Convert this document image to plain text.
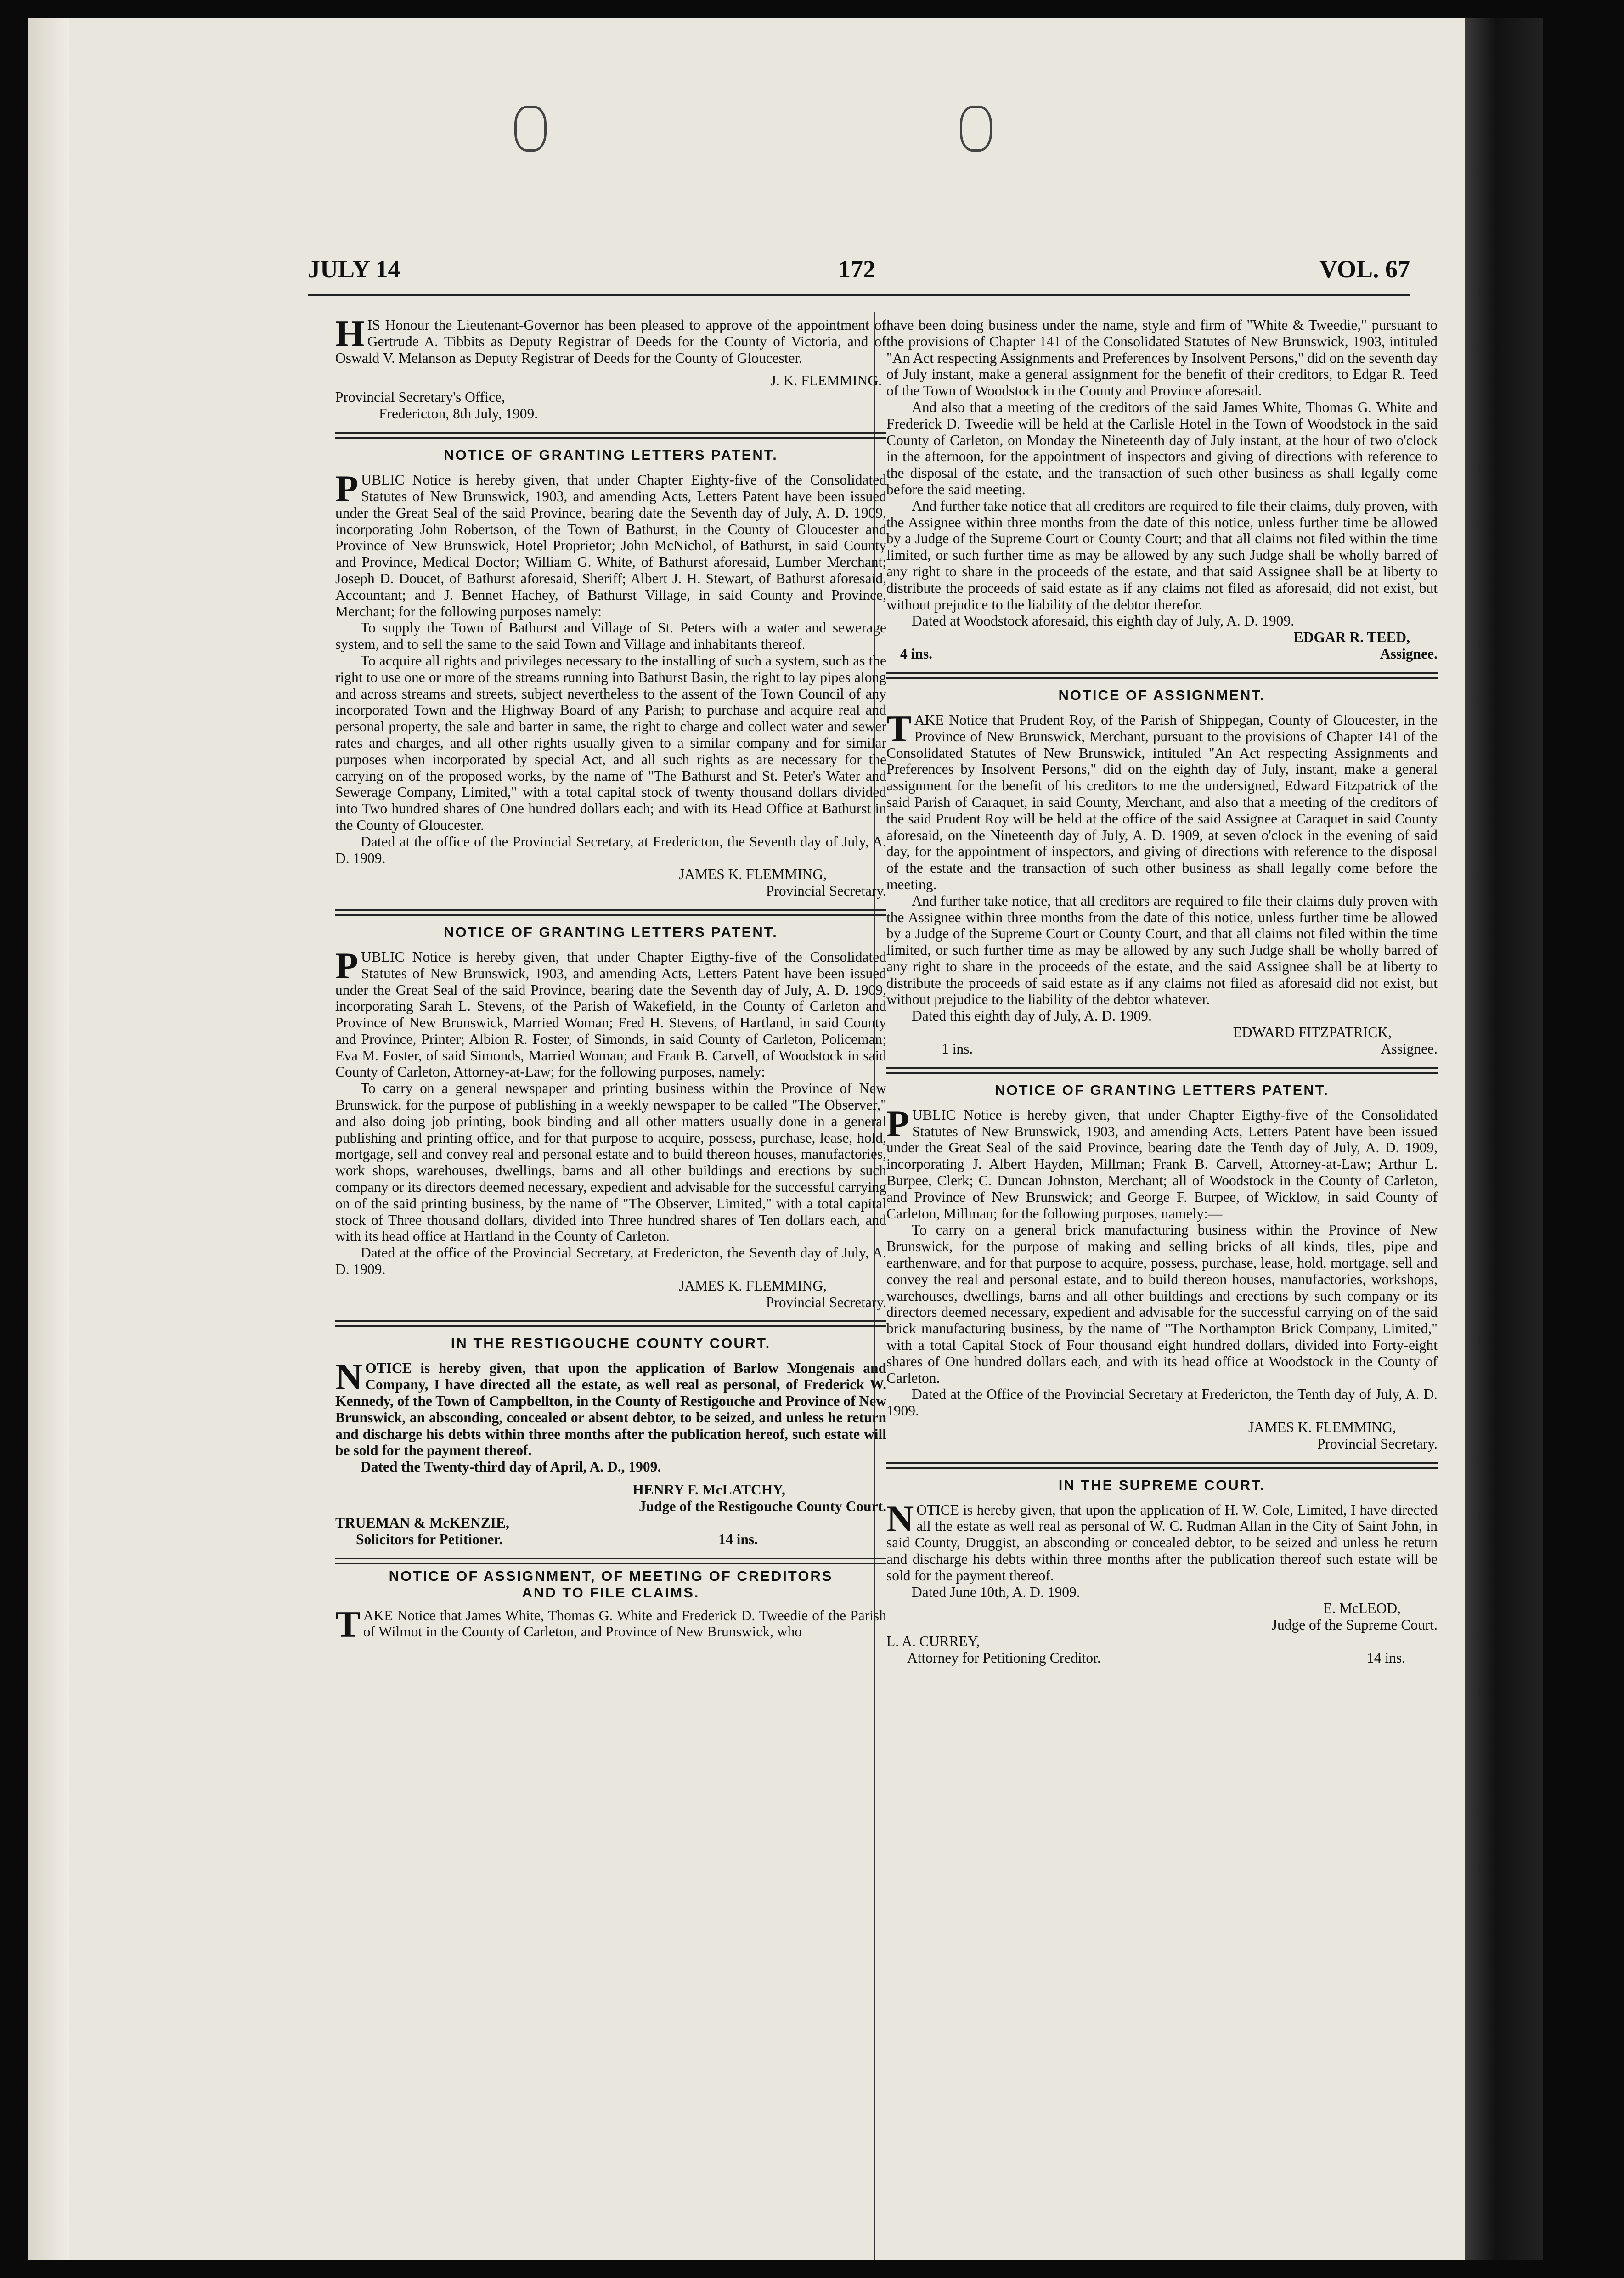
JULY 14	172	VOL. 67

HIS Honour the Lieutenant-Governor has been pleased to approve of the appointment of Gertrude A. Tibbits as Deputy Registrar of Deeds for the County of Victoria, and of Oswald V. Melanson as Deputy Registrar of Deeds for the County of Gloucester.

J. K. FLEMMING.
Provincial Secretary's Office,
Fredericton, 8th July, 1909.
NOTICE OF GRANTING LETTERS PATENT.

PUBLIC Notice is hereby given, that under Chapter Eighty-five of the Consolidated Statutes of New Brunswick, 1903, and amending Acts, Letters Patent have been issued under the Great Seal of the said Province, bearing date the Seventh day of July, A. D. 1909, incorporating John Robertson, of the Town of Bathurst, in the County of Gloucester and Province of New Brunswick, Hotel Proprietor; John McNichol, of Bathurst, in said County and Province, Medical Doctor; William G. White, of Bathurst aforesaid, Lumber Merchant; Joseph D. Doucet, of Bathurst aforesaid, Sheriff; Albert J. H. Stewart, of Bathurst aforesaid, Accountant; and J. Bennet Hachey, of Bathurst Village, in said County and Province, Merchant; for the following purposes namely:

To supply the Town of Bathurst and Village of St. Peters with a water and sewerage system, and to sell the same to the said Town and Village and inhabitants thereof.

To acquire all rights and privileges necessary to the installing of such a system, such as the right to use one or more of the streams running into Bathurst Basin, the right to lay pipes along and across streams and streets, subject nevertheless to the assent of the Town Council of any incorporated Town and the Highway Board of any Parish; to purchase and acquire real and personal property, the sale and barter in same, the right to charge and collect water and sewer rates and charges, and all other rights usually given to a similar company and for similar purposes when incorporated by special Act, and all such rights as are necessary for the carrying on of the proposed works, by the name of "The Bathurst and St. Peter's Water and Sewerage Company, Limited," with a total capital stock of twenty thousand dollars divided into Two hundred shares of One hundred dollars each; and with its Head Office at Bathurst in the County of Gloucester.

Dated at the office of the Provincial Secretary, at Fredericton, the Seventh day of July, A. D. 1909.

JAMES K. FLEMMING,
Provincial Secretary.
NOTICE OF GRANTING LETTERS PATENT.

PUBLIC Notice is hereby given, that under Chapter Eigthy-five of the Consolidated Statutes of New Brunswick, 1903, and amending Acts, Letters Patent have been issued under the Great Seal of the said Province, bearing date the Seventh day of July, A. D. 1909, incorporating Sarah L. Stevens, of the Parish of Wakefield, in the County of Carleton and Province of New Brunswick, Married Woman; Fred H. Stevens, of Hartland, in said County and Province, Printer; Albion R. Foster, of Simonds, in said County of Carleton, Policeman; Eva M. Foster, of said Simonds, Married Woman; and Frank B. Carvell, of Woodstock in said County of Carleton, Attorney-at-Law; for the following purposes, namely:

To carry on a general newspaper and printing business within the Province of New Brunswick, for the purpose of publishing in a weekly newspaper to be called "The Observer," and also doing job printing, book binding and all other matters usually done in a general publishing and printing office, and for that purpose to acquire, possess, purchase, lease, hold, mortgage, sell and convey real and personal estate and to build thereon houses, manufactories, work shops, warehouses, dwellings, barns and all other buildings and erections by such company or its directors deemed necessary, expedient and advisable for the successful carrying on of the said printing business, by the name of "The Observer, Limited," with a total capital stock of Three thousand dollars, divided into Three hundred shares of Ten dollars each, and with its head office at Hartland in the County of Carleton.

Dated at the office of the Provincial Secretary, at Fredericton, the Seventh day of July, A. D. 1909.

JAMES K. FLEMMING,
Provincial Secretary.
IN THE RESTIGOUCHE COUNTY COURT.

NOTICE is hereby given, that upon the application of Barlow Mongenais and Company, I have directed all the estate, as well real as personal, of Frederick W. Kennedy, of the Town of Campbellton, in the County of Restigouche and Province of New Brunswick, an absconding, concealed or absent debtor, to be seized, and unless he return and discharge his debts within three months after the publication hereof, such estate will be sold for the payment thereof.

Dated the Twenty-third day of April, A. D., 1909.

HENRY F. McLATCHY,
Judge of the Restigouche County Court.
TRUEMAN & McKENZIE,
Solicitors for Petitioner.	14 ins.
NOTICE OF ASSIGNMENT, OF MEETING OF CREDITORS
AND TO FILE CLAIMS.

TAKE Notice that James White, Thomas G. White and Frederick D. Tweedie of the Parish of Wilmot in the County of Carleton, and Province of New Brunswick, who

have been doing business under the name, style and firm of "White & Tweedie," pursuant to the provisions of Chapter 141 of the Consolidated Statutes of New Brunswick, 1903, intituled "An Act respecting Assignments and Preferences by Insolvent Persons," did on the seventh day of July instant, make a general assignment for the benefit of their creditors, to Edgar R. Teed of the Town of Woodstock in the County and Province aforesaid.

And also that a meeting of the creditors of the said James White, Thomas G. White and Frederick D. Tweedie will be held at the Carlisle Hotel in the Town of Woodstock in the said County of Carleton, on Monday the Nineteenth day of July instant, at the hour of two o'clock in the afternoon, for the appointment of inspectors and giving of directions with reference to the disposal of the estate, and the transaction of such other business as shall legally come before the said meeting.

And further take notice that all creditors are required to file their claims, duly proven, with the Assignee within three months from the date of this notice, unless further time be allowed by a Judge of the Supreme Court or County Court; and that all claims not filed within the time limited, or such further time as may be allowed by any such Judge shall be wholly barred of any right to share in the proceeds of the estate, and that said Assignee shall be at liberty to distribute the proceeds of said estate as if any claims not filed as aforesaid, did not exist, but without prejudice to the liability of the debtor therefor.

Dated at Woodstock aforesaid, this eighth day of July, A. D. 1909.

EDGAR R. TEED,
4 ins.	Assignee.
NOTICE OF ASSIGNMENT.

TAKE Notice that Prudent Roy, of the Parish of Shippegan, County of Gloucester, in the Province of New Brunswick, Merchant, pursuant to the provisions of Chapter 141 of the Consolidated Statutes of New Brunswick, intituled "An Act respecting Assignments and Preferences by Insolvent Persons," did on the eighth day of July, instant, make a general assignment for the benefit of his creditors to me the undersigned, Edward Fitzpatrick of the said Parish of Caraquet, in said County, Merchant, and also that a meeting of the creditors of the said Prudent Roy will be held at the office of the said Assignee at Caraquet in said County aforesaid, on the Nineteenth day of July, A. D. 1909, at seven o'clock in the evening of said day, for the appointment of inspectors, and giving of directions with reference to the disposal of the estate and the transaction of such other business as shall legally come before the meeting.

And further take notice, that all creditors are required to file their claims duly proven with the Assignee within three months from the date of this notice, unless further time be allowed by a Judge of the Supreme Court or County Court, and that all claims not filed within the time limited, or such further time as may be allowed by any such Judge shall be wholly barred of any right to share in the proceeds of the estate, and the said Assignee shall be at liberty to distribute the proceeds of said estate as if any claims not filed as aforesaid did not exist, but without prejudice to the liability of the debtor whatever.

Dated this eighth day of July, A. D. 1909.

EDWARD FITZPATRICK,
1 ins.	Assignee.
NOTICE OF GRANTING LETTERS PATENT.

PUBLIC Notice is hereby given, that under Chapter Eigthy-five of the Consolidated Statutes of New Brunswick, 1903, and amending Acts, Letters Patent have been issued under the Great Seal of the said Province, bearing date the Tenth day of July, A. D. 1909, incorporating J. Albert Hayden, Millman; Frank B. Carvell, Attorney-at-Law; Arthur L. Burpee, Clerk; C. Duncan Johnston, Merchant; all of Woodstock in the County of Carleton, and Province of New Brunswick; and George F. Burpee, of Wicklow, in said County of Carleton, Millman; for the following purposes, namely:—

To carry on a general brick manufacturing business within the Province of New Brunswick, for the purpose of making and selling bricks of all kinds, tiles, pipe and earthenware, and for that purpose to acquire, possess, purchase, lease, hold, mortgage, sell and convey the real and personal estate, and to build thereon houses, manufactories, workshops, warehouses, dwellings, barns and all other buildings and erections by such company or its directors deemed necessary, expedient and advisable for the successful carrying on of the said brick manufacturing business, by the name of "The Northampton Brick Company, Limited," with a total Capital Stock of Four thousand eight hundred dollars, divided into Forty-eight shares of One hundred dollars each, and with its head office at Woodstock in the County of Carleton.

Dated at the Office of the Provincial Secretary at Fredericton, the Tenth day of July, A. D. 1909.

JAMES K. FLEMMING,
Provincial Secretary.
IN THE SUPREME COURT.

NOTICE is hereby given, that upon the application of H. W. Cole, Limited, I have directed all the estate as well real as personal of W. C. Rudman Allan in the City of Saint John, in said County, Druggist, an absconding or concealed debtor, to be seized and unless he return and discharge his debts within three months after the publication thereof such estate will be sold for the payment thereof.

Dated June 10th, A. D. 1909.

E. McLEOD,
Judge of the Supreme Court.
L. A. CURREY,
Attorney for Petitioning Creditor.	14 ins.
